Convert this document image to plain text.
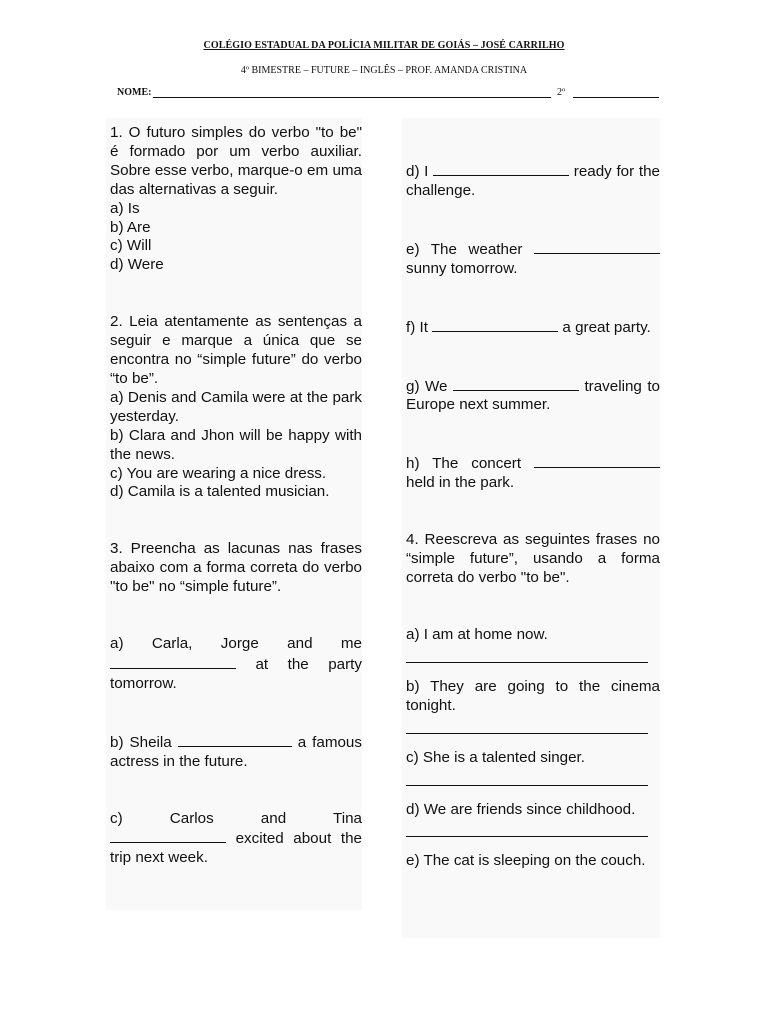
COLÉGIO ESTADUAL DA POLÍCIA MILITAR DE GOIÁS – JOSÉ CARRILHO
4º BIMESTRE – FUTURE – INGLÊS – PROF. AMANDA CRISTINA
NOME:	2º

1. O futuro simples do verbo "to be" é formado por um verbo auxiliar. Sobre esse verbo, marque-o em uma das alternativas a seguir.

a) Is
b) Are
c) Will
d) Were

2. Leia atentamente as sentenças a seguir e marque a única que se encontra no “simple future” do verbo “to be”.

a) Denis and Camila were at the park yesterday.

b) Clara and Jhon will be happy with the news.

c) You are wearing a nice dress.

d) Camila is a talented musician.

3. Preencha as lacunas nas frases abaixo com a forma correta do verbo "to be" no “simple future”.

a) Carla, Jorge and me
at the party tomorrow.

b) Sheila	a famous actress in the future.

c) Carlos and Tina

excited about the trip next week.

d) I	ready for the challenge.

e) The weather  sunny tomorrow.

f) It	a great party.

g) We	traveling to Europe next summer.

h) The concert  held in the park.

4. Reescreva as seguintes frases no “simple future”, usando a forma correta do verbo "to be".

a) I am at home now.

b) They are going to the cinema tonight.

c) She is a talented singer.

d) We are friends since childhood.

e) The cat is sleeping on the couch.
